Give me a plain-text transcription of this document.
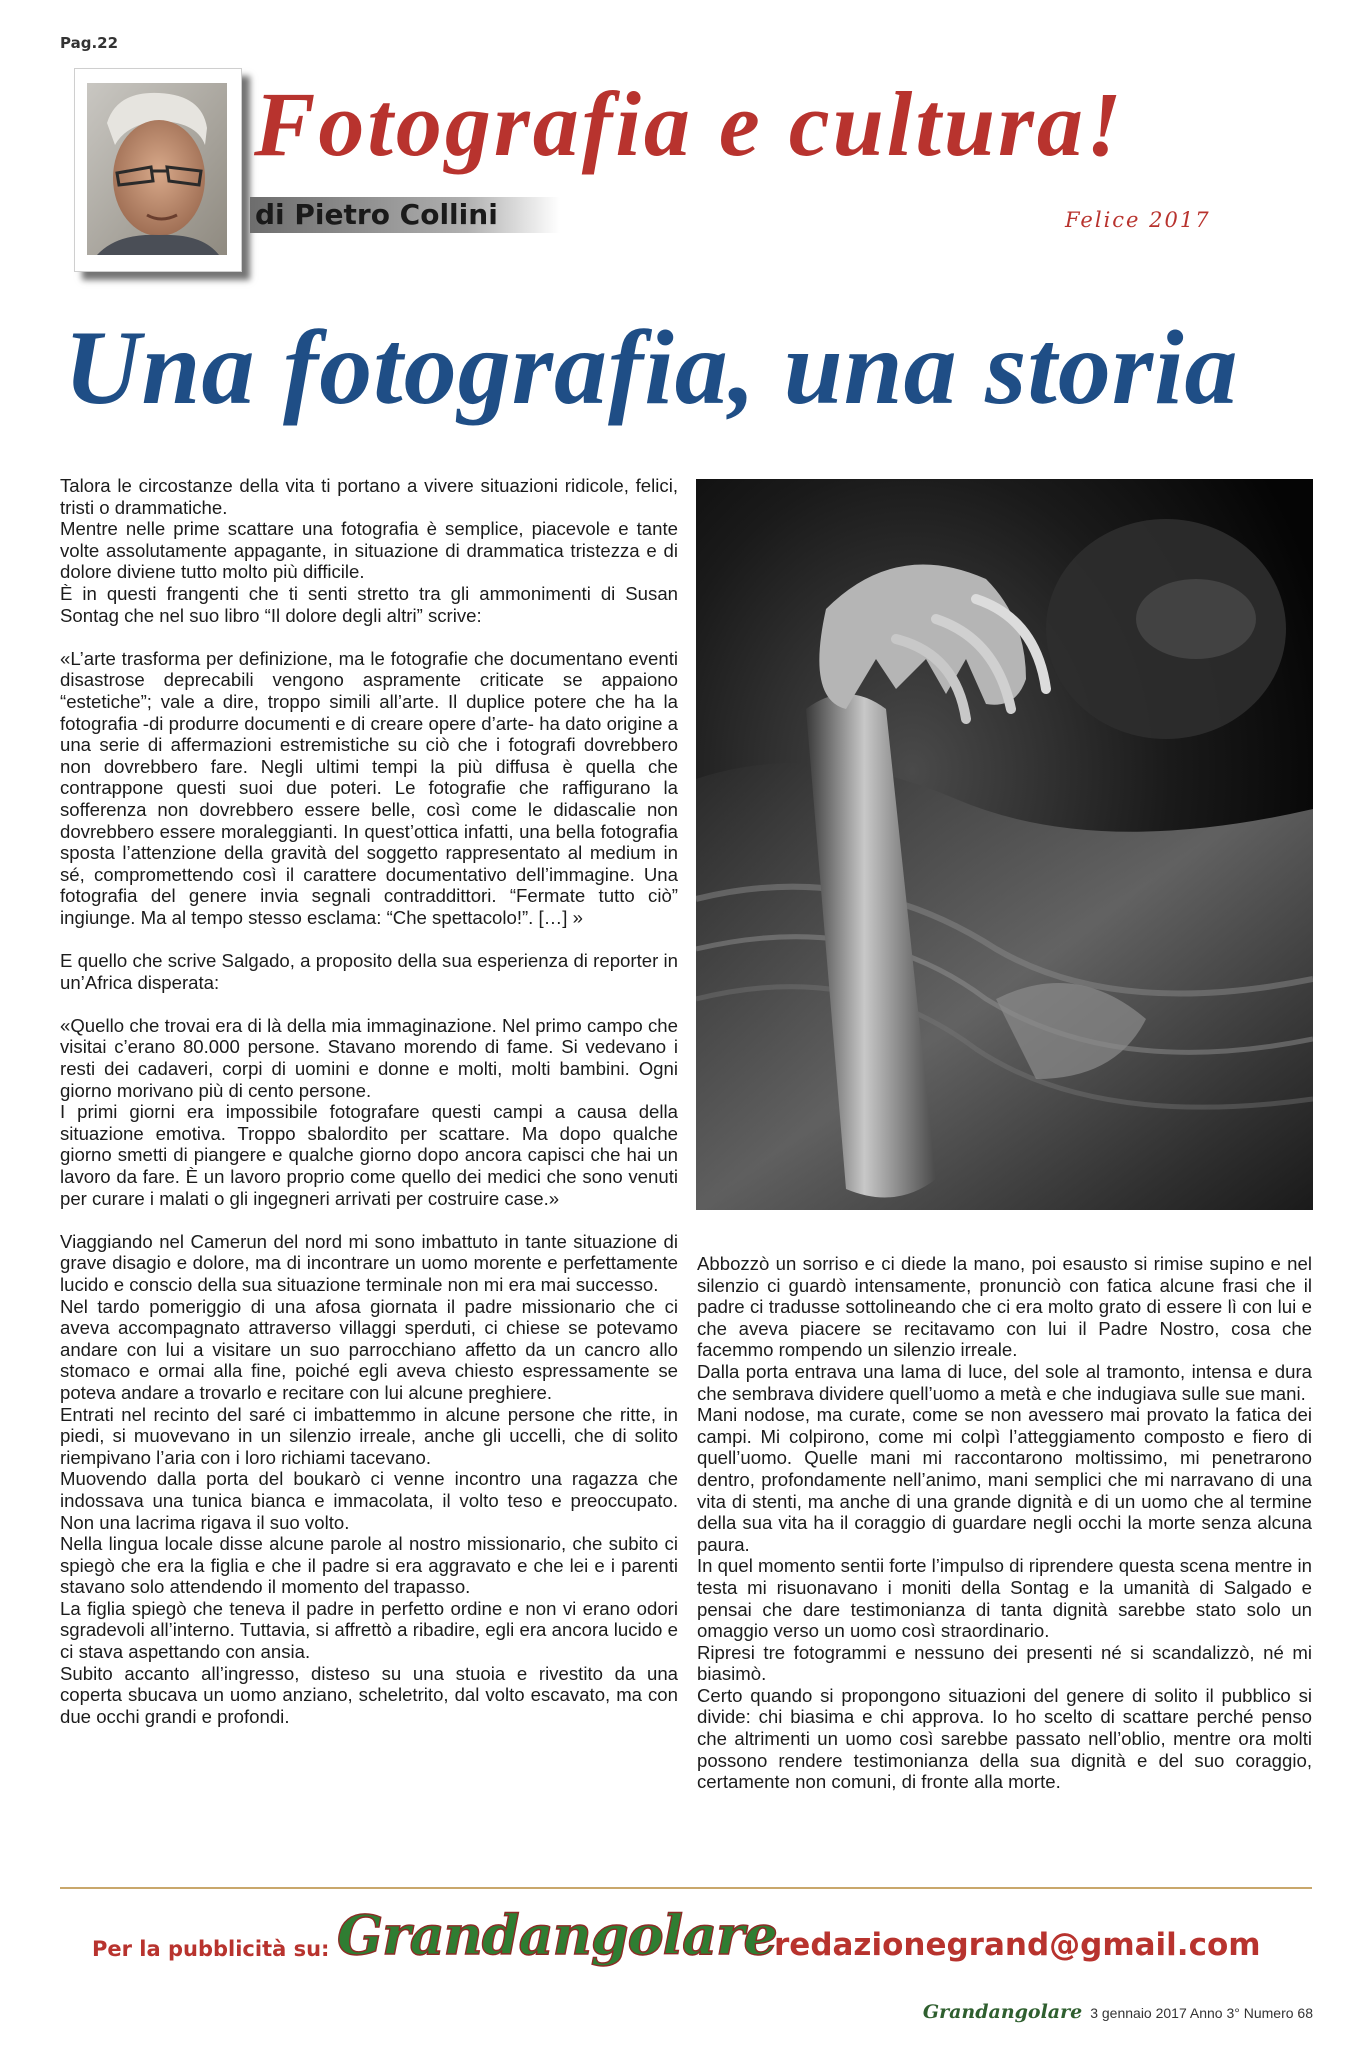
Pag.22
Fotografia e cultura!
di Pietro Collini	Felice 2017
Una fotografia, una storia

Talora le circostanze della vita ti portano a vivere situazioni ridicole, felici, tristi o drammatiche.

Mentre nelle prime scattare una fotografia è semplice, piacevole e tante volte assolutamente appagante, in situazione di drammatica tristezza e di dolore diviene tutto molto più difficile.

È in questi frangenti che ti senti stretto tra gli ammonimenti di Susan Sontag che nel suo libro “Il dolore degli altri” scrive:

«L’arte trasforma per definizione, ma le fotografie che documentano eventi disastrose deprecabili vengono aspramente criticate se appaiono “estetiche”; vale a dire, troppo simili all’arte. Il duplice potere che ha la fotografia -di produrre documenti e di creare opere d’arte- ha dato origine a una serie di affermazioni estremistiche su ciò che i fotografi dovrebbero non dovrebbero fare. Negli ultimi tempi la più diffusa è quella che contrappone questi suoi due poteri. Le fotografie che raffigurano la sofferenza non dovrebbero essere belle, così come le didascalie non dovrebbero essere moraleggianti. In quest’ottica infatti, una bella fotografia sposta l’attenzione della gravità del soggetto rappresentato al medium in sé, compromettendo così il carattere documentativo dell’immagine. Una fotografia del genere invia segnali contraddittori. “Fermate tutto ciò” ingiunge. Ma al tempo stesso esclama: “Che spettacolo!”. […] »

E quello che scrive Salgado, a proposito della sua esperienza di reporter in un’Africa disperata:

«Quello che trovai era di là della mia immaginazione. Nel primo campo che visitai c’erano 80.000 persone. Stavano morendo di fame. Si vedevano i resti dei cadaveri, corpi di uomini e donne e molti, molti bambini. Ogni giorno morivano più di cento persone.

I primi giorni era impossibile fotografare questi campi a causa della situazione emotiva. Troppo sbalordito per scattare. Ma dopo qualche giorno smetti di piangere e qualche giorno dopo ancora capisci che hai un lavoro da fare. È un lavoro proprio come quello dei medici che sono venuti per curare i malati o gli ingegneri arrivati per costruire case.»

Viaggiando nel Camerun del nord mi sono imbattuto in tante situazione di grave disagio e dolore, ma di incontrare un uomo morente e perfettamente lucido e conscio della sua situazione terminale non mi era mai successo.

Nel tardo pomeriggio di una afosa giornata il padre missionario che ci aveva accompagnato attraverso villaggi sperduti, ci chiese se potevamo andare con lui a visitare un suo parrocchiano affetto da un cancro allo stomaco e ormai alla fine, poiché egli aveva chiesto espressamente se poteva andare a trovarlo e recitare con lui alcune preghiere.

Entrati nel recinto del saré ci imbattemmo in alcune persone che ritte, in piedi, si muovevano in un silenzio irreale, anche gli uccelli, che di solito riempivano l’aria con i loro richiami tacevano.

Muovendo dalla porta del boukarò ci venne incontro una ragazza che indossava una tunica bianca e immacolata, il volto teso e preoccupato. Non una lacrima rigava il suo volto.

Nella lingua locale disse alcune parole al nostro missionario, che subito ci spiegò che era la figlia e che il padre si era aggravato e che lei e i parenti stavano solo attendendo il momento del trapasso.

La figlia spiegò che teneva il padre in perfetto ordine e non vi erano odori sgradevoli all’interno. Tuttavia, si affrettò a ribadire, egli era ancora lucido e ci stava aspettando con ansia.

Subito accanto all’ingresso, disteso su una stuoia e rivestito da una coperta sbucava un uomo anziano, scheletrito, dal volto escavato, ma con due occhi grandi e profondi.

Abbozzò un sorriso e ci diede la mano, poi esausto si rimise supino e nel silenzio ci guardò intensamente, pronunciò con fatica alcune frasi che il padre ci tradusse sottolineando che ci era molto grato di essere lì con lui e che aveva piacere se recitavamo con lui il Padre Nostro, cosa che facemmo rompendo un silenzio irreale.

Dalla porta entrava una lama di luce, del sole al tramonto, intensa e dura che sembrava dividere quell’uomo a metà e che indugiava sulle sue mani.

Mani nodose, ma curate, come se non avessero mai provato la fatica dei campi. Mi colpirono, come mi colpì l’atteggiamento composto e fiero di quell’uomo. Quelle mani mi raccontarono moltissimo, mi penetrarono dentro, profondamente nell’animo, mani semplici che mi narravano di una vita di stenti, ma anche di una grande dignità e di un uomo che al termine della sua vita ha il coraggio di guardare negli occhi la morte senza alcuna paura.

In quel momento sentii forte l’impulso di riprendere questa scena mentre in testa mi risuonavano i moniti della Sontag e la umanità di Salgado e pensai che dare testimonianza di tanta dignità sarebbe stato solo un omaggio verso un uomo così straordinario.

Ripresi tre fotogrammi e nessuno dei presenti né si scandalizzò, né mi biasimò.

Certo quando si propongono situazioni del genere di solito il pubblico si divide: chi biasima e chi approva. Io ho scelto di scattare perché penso che altrimenti un uomo così sarebbe passato nell’oblio, mentre ora molti possono rendere testimonianza della sua dignità e del suo coraggio, certamente non comuni, di fronte alla morte.

Per la pubblicità su: Grandangolare
redazionegrand@gmail.com
Grandangolare 3 gennaio 2017 Anno 3° Numero 68
